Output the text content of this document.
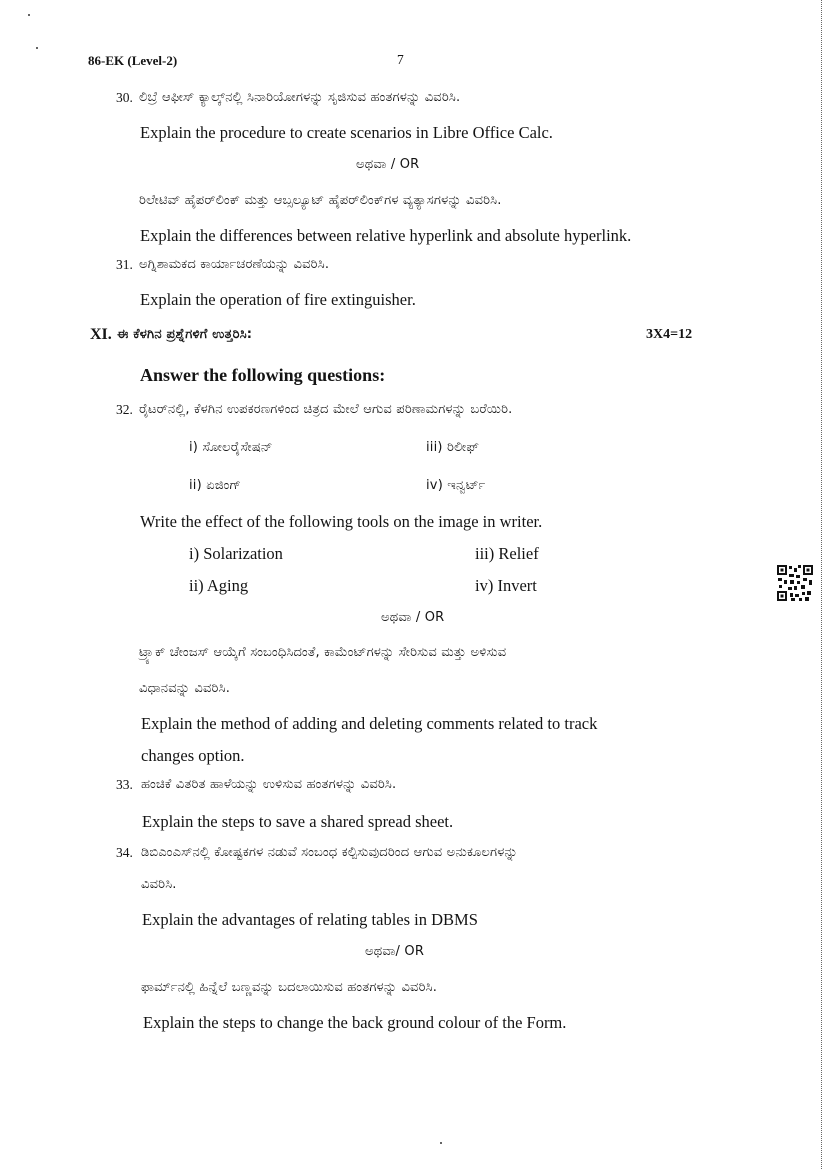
86-EK (Level-2)	7
30. ಲಿಬ್ರೆ ಆಫೀಸ್ ಕ್ಯಾಲ್ಕ್‌ನಲ್ಲಿ ಸಿನಾರಿಯೋಗಳನ್ನು ಸೃಜಿಸುವ ಹಂತಗಳನ್ನು ವಿವರಿಸಿ.
Explain the procedure to create scenarios in Libre Office Calc.
ಅಥವಾ / OR
ರಿಲೇಟಿವ್ ಹೈಪರ್‌ಲಿಂಕ್ ಮತ್ತು ಆಬ್ಸಲ್ಯೂಟ್ ಹೈಪರ್‌ಲಿಂಕ್‌ಗಳ ವ್ಯತ್ಯಾಸಗಳನ್ನು ವಿವರಿಸಿ.
Explain the differences between relative hyperlink and absolute hyperlink.
31. ಅಗ್ನಿಶಾಮಕದ ಕಾರ್ಯಾಚರಣೆಯನ್ನು ವಿವರಿಸಿ.
Explain the operation of fire extinguisher.
XI. ಈ ಕೆಳಗಿನ ಪ್ರಶ್ನೆಗಳಿಗೆ ಉತ್ತರಿಸಿ:	3X4=12
Answer the following questions:
32. ರೈಟರ್‌ನಲ್ಲಿ, ಕೆಳಗಿನ ಉಪಕರಣಗಳಿಂದ ಚಿತ್ರದ ಮೇಲೆ ಆಗುವ ಪರಿಣಾಮಗಳನ್ನು ಬರೆಯಿರಿ.
i) ಸೋಲರೈಸೇಷನ್	iii) ರಿಲೀಫ್
ii) ಏಜಿಂಗ್	iv) ಇನ್ವರ್ಟ್
Write the effect of the following tools on the image in writer.
i) Solarization	iii) Relief
ii) Aging	iv) Invert
ಅಥವಾ / OR
ಟ್ರ್ಯಾಕ್ ಚೇಂಜಸ್ ಆಯ್ಕೆಗೆ ಸಂಬಂಧಿಸಿದಂತೆ, ಕಾಮೆಂಟ್‌ಗಳನ್ನು ಸೇರಿಸುವ ಮತ್ತು ಅಳಿಸುವ
ವಿಧಾನವನ್ನು ವಿವರಿಸಿ.
Explain the method of adding and deleting comments related to track
changes option.
33. ಹಂಚಿಕೆ ವಿತರಿತ ಹಾಳೆಯನ್ನು ಉಳಿಸುವ ಹಂತಗಳನ್ನು ವಿವರಿಸಿ.
Explain the steps to save a shared spread sheet.
34. ಡಿಬಿಎಂಎಸ್‌ನಲ್ಲಿ ಕೋಷ್ಟಕಗಳ ನಡುವೆ ಸಂಬಂಧ ಕಲ್ಪಿಸುವುದರಿಂದ ಆಗುವ ಅನುಕೂಲಗಳನ್ನು
ವಿವರಿಸಿ.
Explain the advantages of relating tables in DBMS
ಅಥವಾ/ OR
ಫಾರ್ಮ್‌ನಲ್ಲಿ ಹಿನ್ನೆಲೆ ಬಣ್ಣವನ್ನು ಬದಲಾಯಿಸುವ ಹಂತಗಳನ್ನು ವಿವರಿಸಿ.
Explain the steps to change the back ground colour of the Form.
